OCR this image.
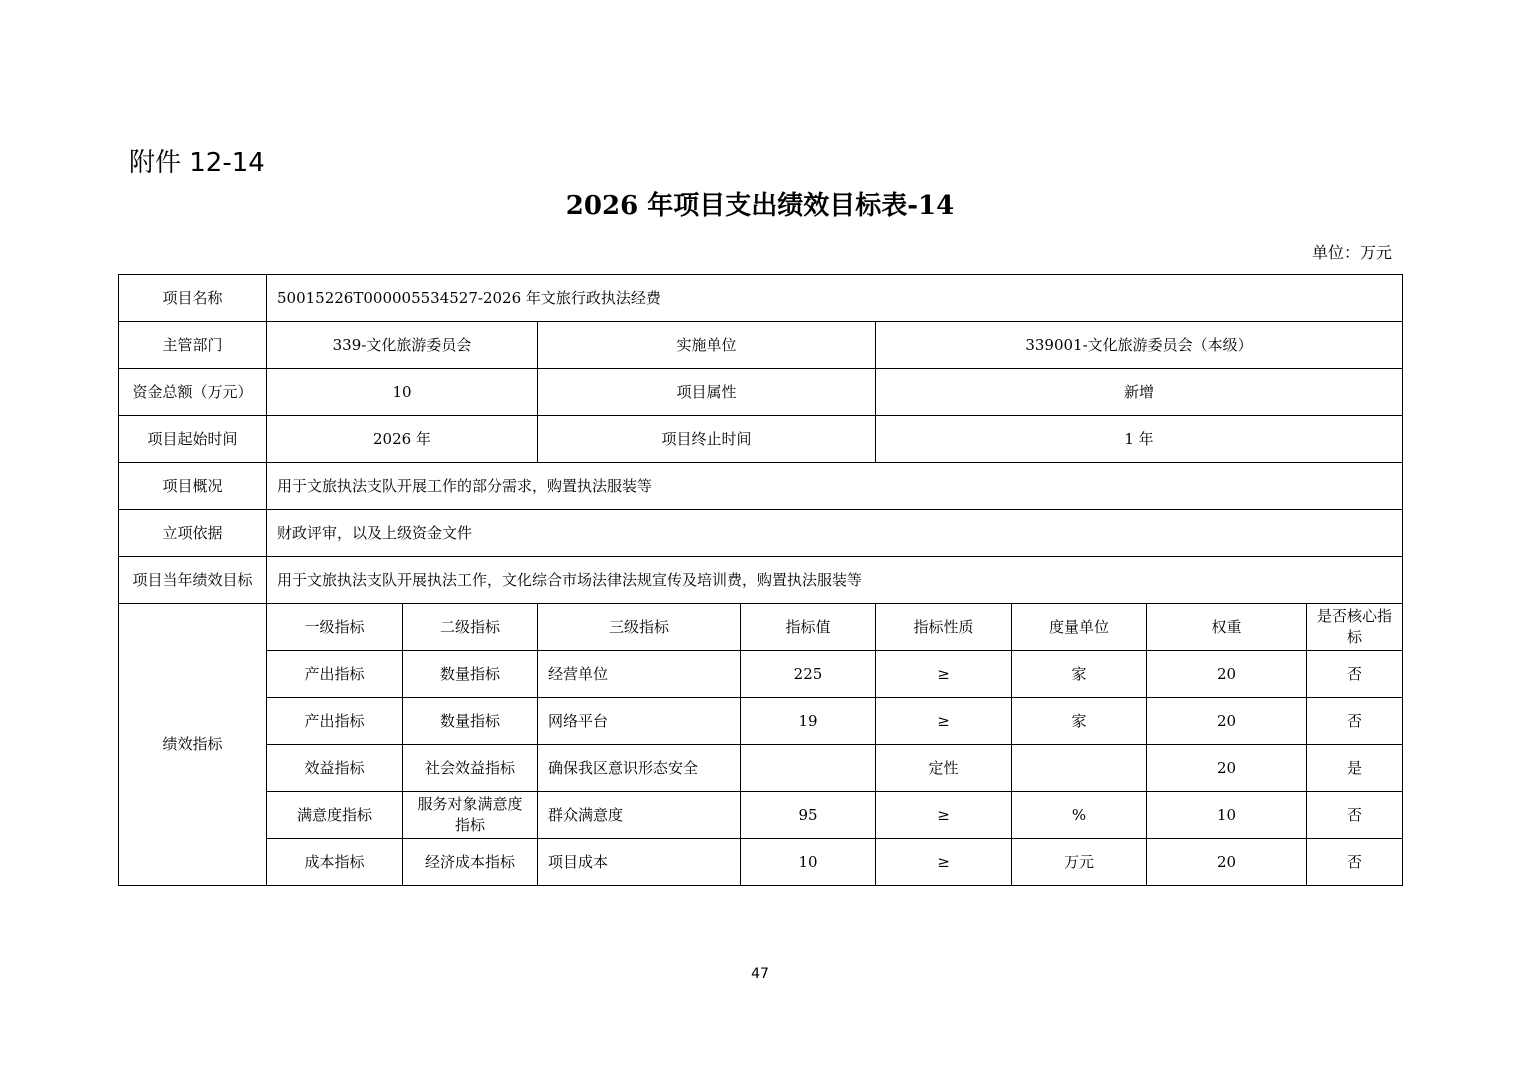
附件 12-14
2026 年项目支出绩效目标表-14
单位：万元
项目名称	50015226T000005534527-2026 年文旅行政执法经费							
主管部门	339-文化旅游委员会		实施单位		339001-文化旅游委员会（本级）			
资金总额（万元）	10		项目属性		新增			
项目起始时间	2026 年		项目终止时间		1 年			
项目概况	用于文旅执法支队开展工作的部分需求，购置执法服装等							
立项依据	财政评审，以及上级资金文件							
项目当年绩效目标	用于文旅执法支队开展执法工作，文化综合市场法律法规宣传及培训费，购置执法服装等							
绩效指标	一级指标	二级指标	三级指标	指标值	指标性质	度量单位	权重	是否核心指标
	产出指标	数量指标	经营单位	225	≥	家	20	否
	产出指标	数量指标	网络平台	19	≥	家	20	否
	效益指标	社会效益指标	确保我区意识形态安全		定性		20	是
	满意度指标	服务对象满意度指标	群众满意度	95	≥	%	10	否
	成本指标	经济成本指标	项目成本	10	≥	万元	20	否
47
